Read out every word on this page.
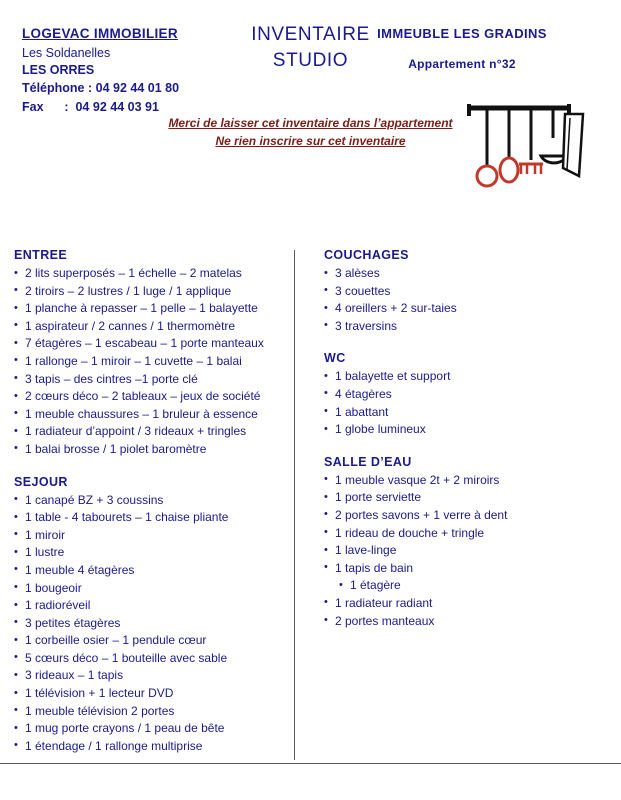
LOGEVAC IMMOBILIER
Les Soldanelles
LES ORRES
Téléphone : 04 92 44 01 80
Fax      :  04 92 44 03 91
IMMEUBLE LES GRADINS
Appartement n°32
Merci de laisser cet inventaire dans l’appartement
Ne rien inscrire sur cet inventaire
INVENTAIRE
STUDIO
ENTREE
• 2 lits superposés – 1 échelle – 2 matelas
• 2 tiroirs – 2 lustres / 1 luge / 1 applique
• 1 planche à repasser – 1 pelle – 1 balayette
• 1 aspirateur / 2 cannes / 1 thermomètre
• 7 étagères – 1 escabeau – 1 porte manteaux
• 1 rallonge – 1 miroir – 1 cuvette – 1 balai
• 3 tapis – des cintres –1 porte clé
• 2 cœurs déco – 2 tableaux – jeux de société
• 1 meuble chaussures – 1 bruleur à essence
• 1 radiateur d’appoint / 3 rideaux + tringles
• 1 balai brosse / 1 piolet baromètre
SEJOUR
• 1 canapé BZ + 3 coussins
• 1 table - 4 tabourets – 1 chaise pliante
• 1 miroir
• 1 lustre
• 1 meuble 4 étagères
• 1 bougeoir
• 1 radioréveil
• 3 petites étagères
• 1 corbeille osier – 1 pendule cœur
• 5 cœurs déco – 1 bouteille avec sable
• 3 rideaux – 1 tapis
• 1 télévision + 1 lecteur DVD
• 1 meuble télévision 2 portes
• 1 mug porte crayons / 1 peau de bête
• 1 étendage / 1 rallonge multiprise
COUCHAGES
• 3 alèses
• 3 couettes
• 4 oreillers + 2 sur-taies
• 3 traversins
WC
• 1 balayette et support
• 4 étagères
• 1 abattant
• 1 globe lumineux
SALLE D’EAU
• 1 meuble vasque 2t + 2 miroirs
• 1 porte serviette
• 2 portes savons + 1 verre à dent
• 1 rideau de douche + tringle
• 1 lave-linge
• 1 tapis de bain
• 1 étagère
• 1 radiateur radiant
• 2 portes manteaux
